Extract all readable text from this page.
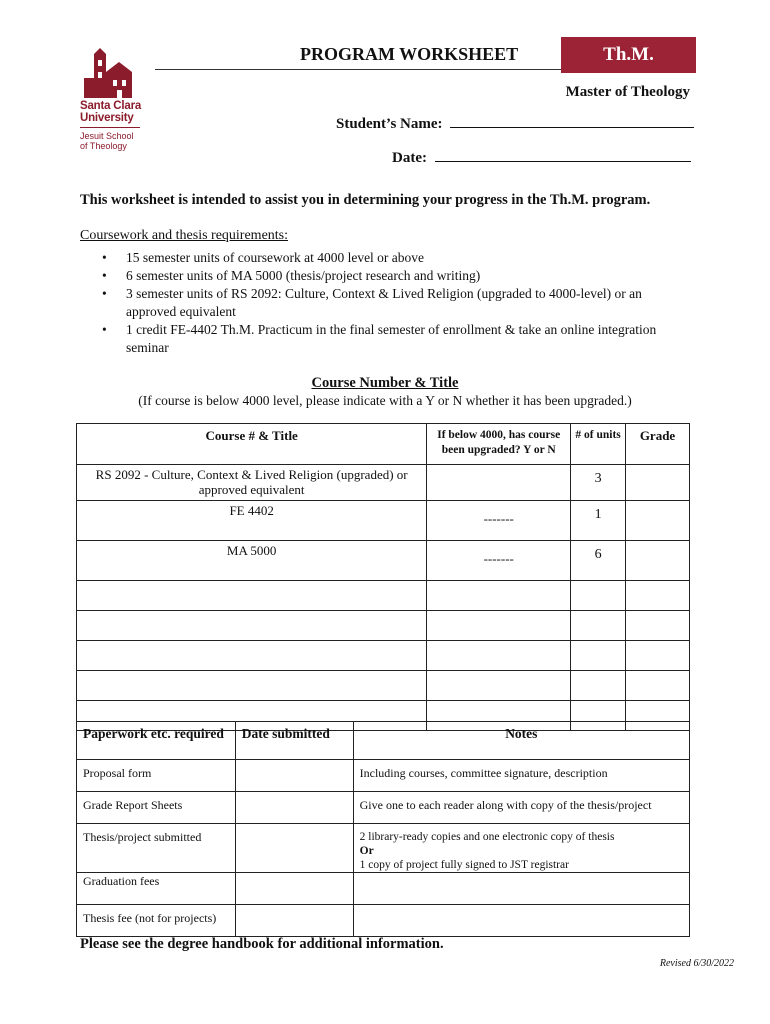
Santa Clara
University
Jesuit School
of Theology
PROGRAM WORKSHEET	Th.M.
Master of Theology
Student’s Name:
Date:
This worksheet is intended to assist you in determining your progress in the Th.M. program.
Coursework and thesis requirements:
• 15 semester units of coursework at 4000 level or above
• 6 semester units of MA 5000 (thesis/project research and writing)
• 3 semester units of RS 2092: Culture, Context & Lived Religion (upgraded to 4000-level) or an approved equivalent
• 1 credit FE-4402 Th.M. Practicum in the final semester of enrollment & take an online integration seminar
Course Number & Title
(If course is below 4000 level, please indicate with a Y or N whether it has been upgraded.)
Course # & Title	If below 4000, has course been upgraded? Y or N	# of units	Grade
RS 2092 - Culture, Context & Lived Religion (upgraded) or approved equivalent		3	
FE 4402	-------	1	
MA 5000	-------	6	

Paperwork etc. required	Date submitted	Notes
Proposal form		Including courses, committee signature, description

Grade Report Sheets		Give one to each reader along with copy of the thesis/project

Thesis/project submitted		2 library-ready copies and one electronic copy of thesis
Or
1 copy of project fully signed to JST registrar

Graduation fees		
Thesis fee (not for projects)		
Please see the degree handbook for additional information.
Revised 6/30/2022
